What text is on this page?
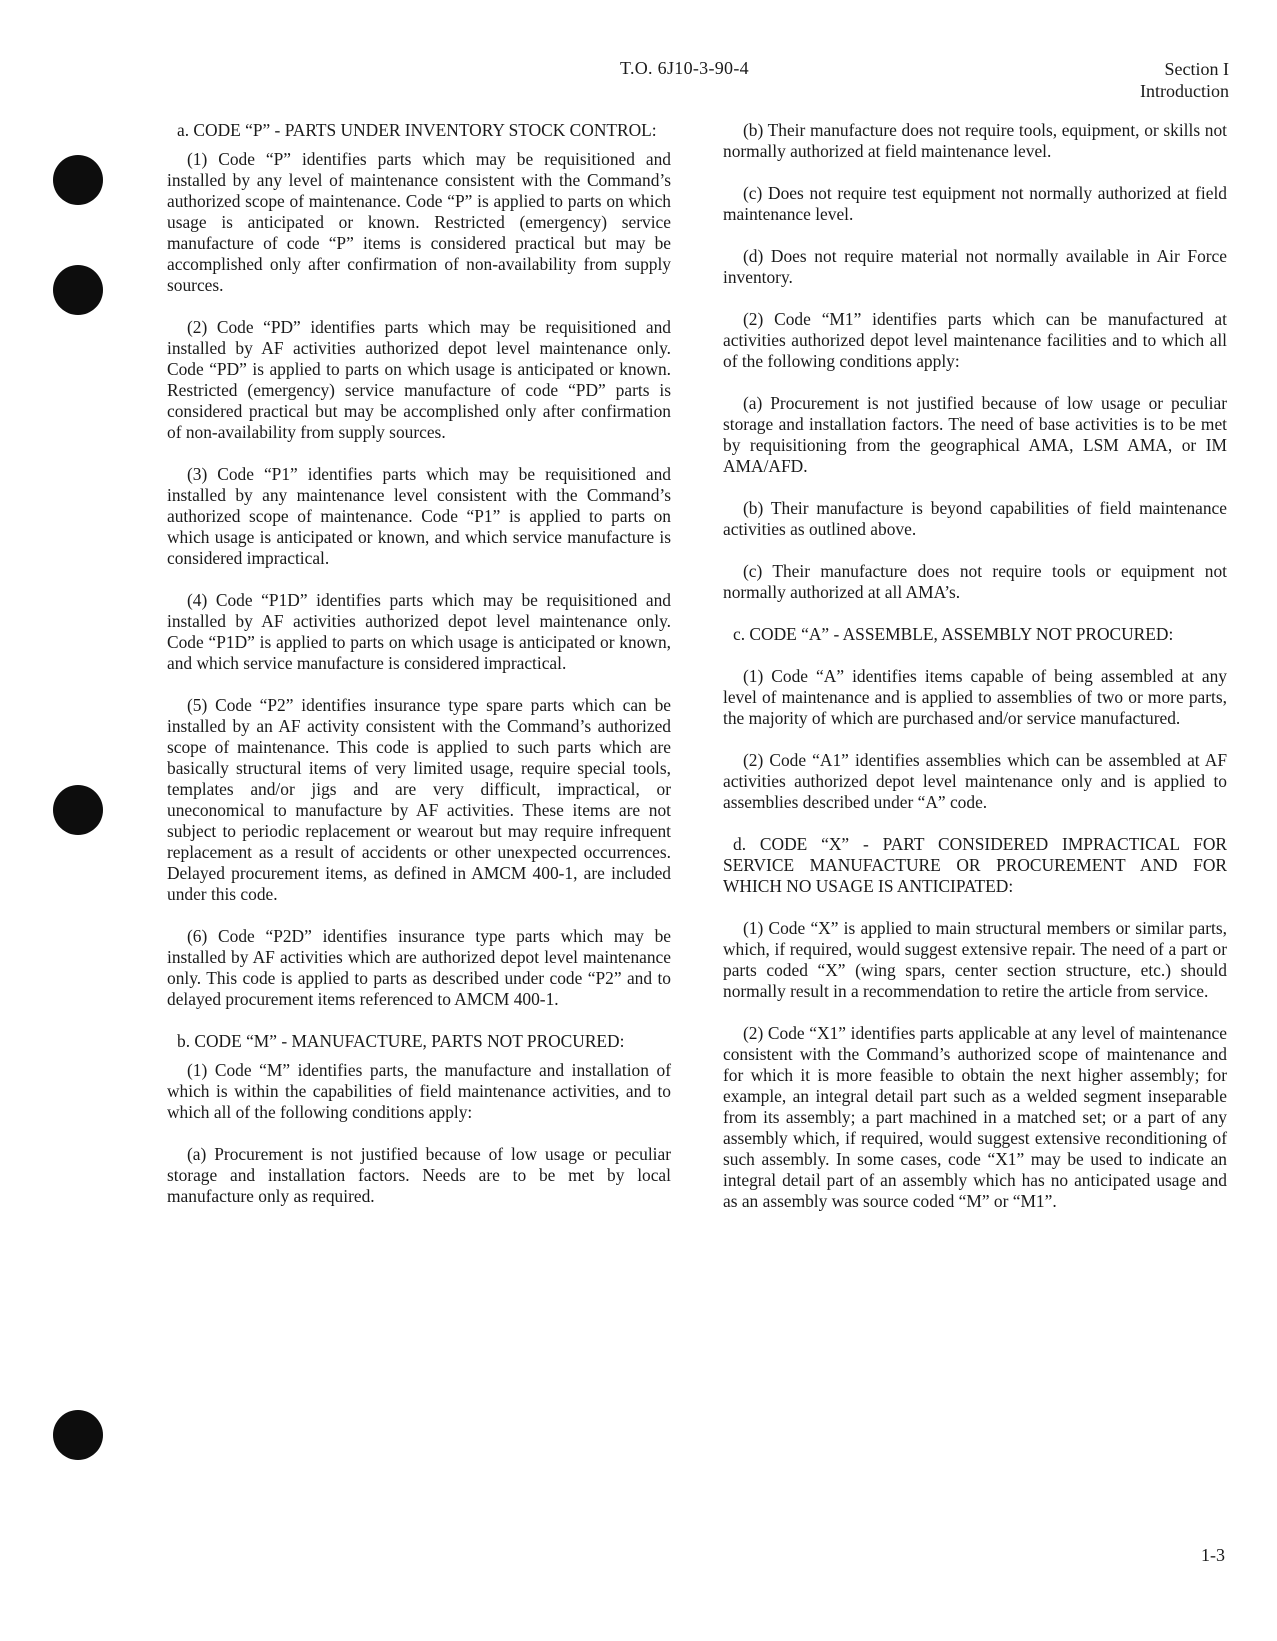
T.O. 6J10-3-90-4	Section I
Introduction

a. CODE “P” - PARTS UNDER INVENTORY STOCK CONTROL:

(1) Code “P” identifies parts which may be requisitioned and installed by any level of maintenance consistent with the Command’s authorized scope of maintenance. Code “P” is applied to parts on which usage is anticipated or known. Restricted (emergency) service manufacture of code “P” items is considered practical but may be accomplished only after confirmation of non-availability from supply sources.

(2) Code “PD” identifies parts which may be requisitioned and installed by AF activities authorized depot level maintenance only. Code “PD” is applied to parts on which usage is anticipated or known. Restricted (emergency) service manufacture of code “PD” parts is considered practical but may be accomplished only after confirmation of non-availability from supply sources.

(3) Code “P1” identifies parts which may be requisitioned and installed by any maintenance level consistent with the Command’s authorized scope of maintenance. Code “P1” is applied to parts on which usage is anticipated or known, and which service manufacture is considered impractical.

(4) Code “P1D” identifies parts which may be requisitioned and installed by AF activities authorized depot level maintenance only. Code “P1D” is applied to parts on which usage is anticipated or known, and which service manufacture is considered impractical.

(5) Code “P2” identifies insurance type spare parts which can be installed by an AF activity consistent with the Command’s authorized scope of maintenance. This code is applied to such parts which are basically structural items of very limited usage, require special tools, templates and/or jigs and are very difficult, impractical, or uneconomical to manufacture by AF activities. These items are not subject to periodic replacement or wearout but may require infrequent replacement as a result of accidents or other unexpected occurrences. Delayed procurement items, as defined in AMCM 400-1, are included under this code.

(6) Code “P2D” identifies insurance type parts which may be installed by AF activities which are authorized depot level maintenance only. This code is applied to parts as described under code “P2” and to delayed procurement items referenced to AMCM 400-1.

b. CODE “M” - MANUFACTURE, PARTS NOT PROCURED:

(1) Code “M” identifies parts, the manufacture and installation of which is within the capabilities of field maintenance activities, and to which all of the following conditions apply:

(a) Procurement is not justified because of low usage or peculiar storage and installation factors. Needs are to be met by local manufacture only as required.

(b) Their manufacture does not require tools, equipment, or skills not normally authorized at field maintenance level.

(c) Does not require test equipment not normally authorized at field maintenance level.

(d) Does not require material not normally available in Air Force inventory.

(2) Code “M1” identifies parts which can be manufactured at activities authorized depot level maintenance facilities and to which all of the following conditions apply:

(a) Procurement is not justified because of low usage or peculiar storage and installation factors. The need of base activities is to be met by requisitioning from the geographical AMA, LSM AMA, or IM AMA/AFD.

(b) Their manufacture is beyond capabilities of field maintenance activities as outlined above.

(c) Their manufacture does not require tools or equipment not normally authorized at all AMA’s.

c. CODE “A” - ASSEMBLE, ASSEMBLY NOT PROCURED:

(1) Code “A” identifies items capable of being assembled at any level of maintenance and is applied to assemblies of two or more parts, the majority of which are purchased and/or service manufactured.

(2) Code “A1” identifies assemblies which can be assembled at AF activities authorized depot level maintenance only and is applied to assemblies described under “A” code.

d. CODE “X” - PART CONSIDERED IMPRACTICAL FOR SERVICE MANUFACTURE OR PROCUREMENT AND FOR WHICH NO USAGE IS ANTICIPATED:

(1) Code “X” is applied to main structural members or similar parts, which, if required, would suggest extensive repair. The need of a part or parts coded “X” (wing spars, center section structure, etc.) should normally result in a recommendation to retire the article from service.

(2) Code “X1” identifies parts applicable at any level of maintenance consistent with the Command’s authorized scope of maintenance and for which it is more feasible to obtain the next higher assembly; for example, an integral detail part such as a welded segment inseparable from its assembly; a part machined in a matched set; or a part of any assembly which, if required, would suggest extensive reconditioning of such assembly. In some cases, code “X1” may be used to indicate an integral detail part of an assembly which has no anticipated usage and as an assembly was source coded “M” or “M1”.

1-3
